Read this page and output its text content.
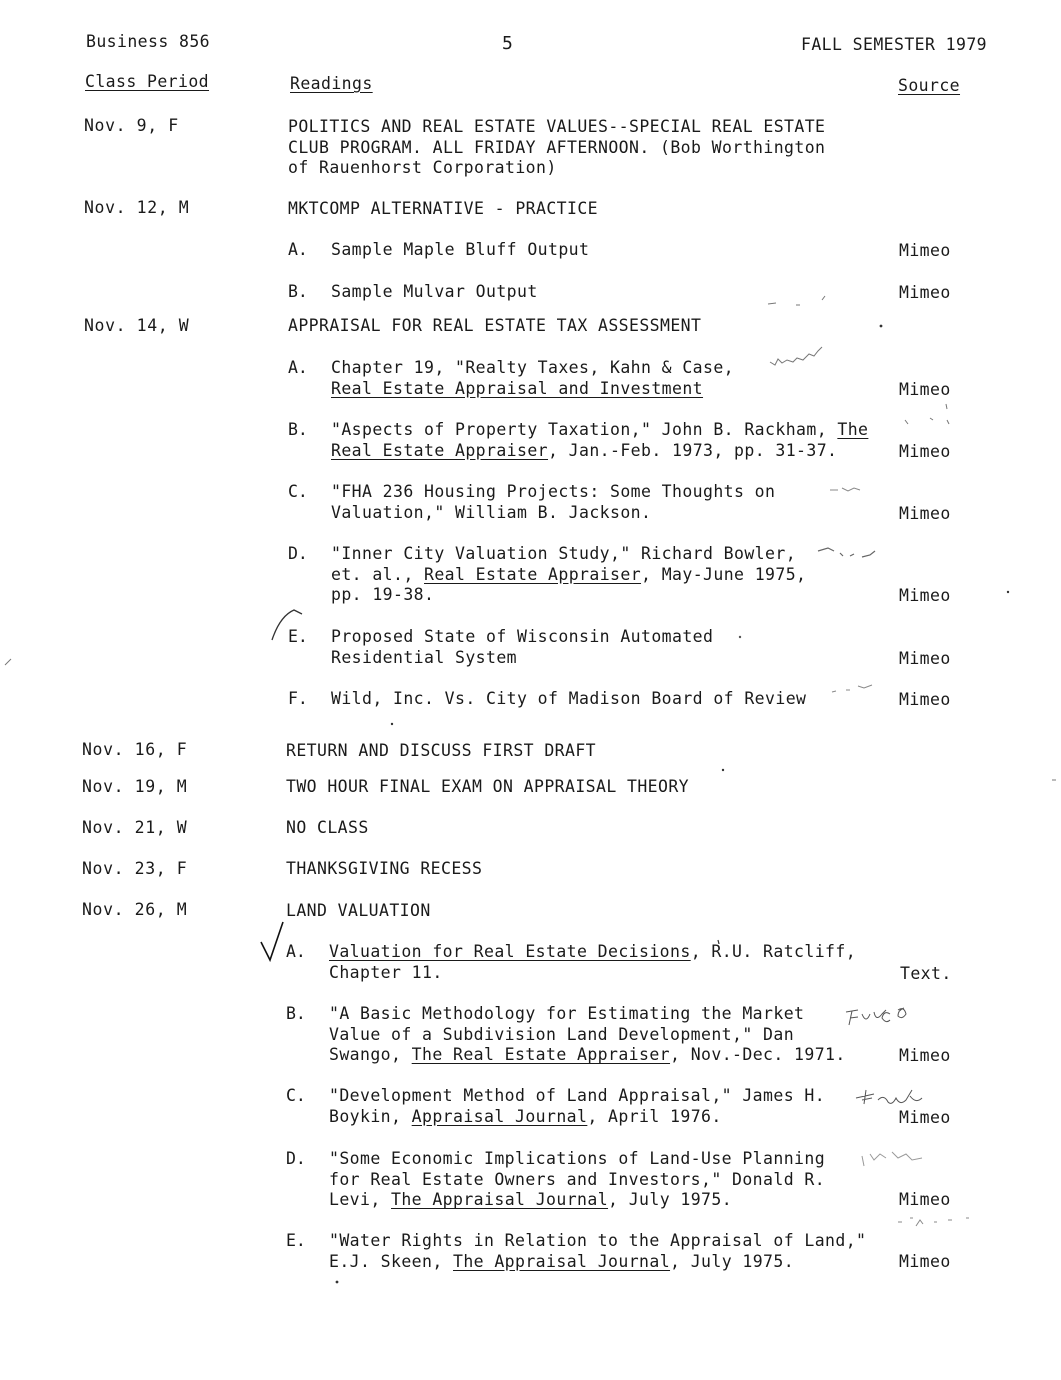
Business 856	5	FALL SEMESTER 1979
Class Period	Readings	Source
Nov. 9, F	POLITICS AND REAL ESTATE VALUES--SPECIAL REAL ESTATE
CLUB PROGRAM. ALL FRIDAY AFTERNOON. (Bob Worthington
of Rauenhorst Corporation)
Nov. 12, M	MKTCOMP ALTERNATIVE - PRACTICE
A. Sample Maple Bluff Output	Mimeo
B. Sample Mulvar Output	Mimeo
Nov. 14, W	APPRAISAL FOR REAL ESTATE TAX ASSESSMENT
A. Chapter 19, "Realty Taxes, Kahn & Case,
Real Estate Appraisal and Investment	Mimeo
B. "Aspects of Property Taxation," John B. Rackham, The
Real Estate Appraiser, Jan.-Feb. 1973, pp. 31-37.	Mimeo
C. "FHA 236 Housing Projects: Some Thoughts on
Valuation," William B. Jackson.	Mimeo
D. "Inner City Valuation Study," Richard Bowler,
et. al., Real Estate Appraiser, May-June 1975,
pp. 19-38.	Mimeo
E. Proposed State of Wisconsin Automated
Residential System	Mimeo
F. Wild, Inc. Vs. City of Madison Board of Review	Mimeo
Nov. 16, F	RETURN AND DISCUSS FIRST DRAFT
Nov. 19, M	TWO HOUR FINAL EXAM ON APPRAISAL THEORY
Nov. 21, W	NO CLASS
Nov. 23, F	THANKSGIVING RECESS
Nov. 26, M	LAND VALUATION
A. Valuation for Real Estate Decisions, R.U. Ratcliff,
Chapter 11.	Text.
B. "A Basic Methodology for Estimating the Market
Value of a Subdivision Land Development," Dan
Swango, The Real Estate Appraiser, Nov.-Dec. 1971.	Mimeo
C. "Development Method of Land Appraisal," James H.
Boykin, Appraisal Journal, April 1976.	Mimeo
D. "Some Economic Implications of Land-Use Planning
for Real Estate Owners and Investors," Donald R.
Levi, The Appraisal Journal, July 1975.	Mimeo
E. "Water Rights in Relation to the Appraisal of Land,"
E.J. Skeen, The Appraisal Journal, July 1975.	Mimeo
